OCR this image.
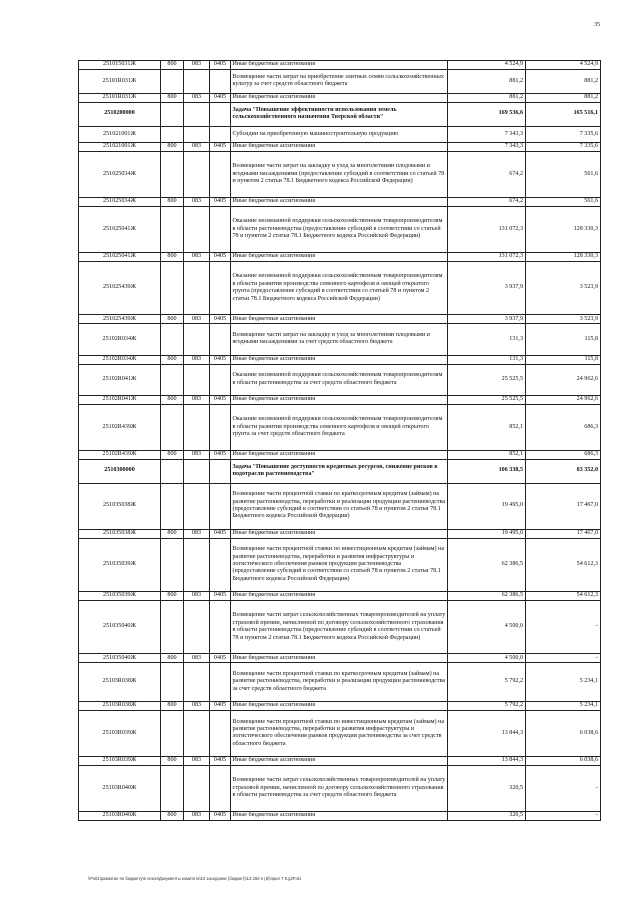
35
251015031Ж	800	083	0405	Иные бюджетные ассигнования	4 524,9	4 524,9
25101R031Ж				Возмещение части затрат на приобретение элитных семян сельскохозяйственных культур за счет средств областного бюджета	881,2	881,2
25101R031Ж	800	083	0405	Иные бюджетные ассигнования	881,2	881,2
2510200000				Задача "Повышение эффективности использования земель сельскохозяйственного назначения Тверской области"	169 536,6	165 516,1
251021001Ж				Субсидии на приобретенную машиностроительную продукцию	7 343,3	7 335,6
251021001Ж	800	083	0405	Иные бюджетные ассигнования	7 343,3	7 335,6
251025034Ж				Возмещение части затрат на закладку и уход за многолетними плодовыми и ягодными насаждениями (предоставление субсидий в соответствии со статьей 78 и пунктом 2 статьи 78.1 Бюджетного кодекса Российской Федерации)	674,2	561,6
251025034Ж	800	083	0405	Иные бюджетные ассигнования	674,2	561,6
251025041Ж				Оказание несвязанной поддержки сельскохозяйственным товаропроизводителям в области растениеводства (предоставление субсидий в соответствии со статьей 78 и пунктом 2 статьи 78.1 Бюджетного кодекса Российской Федерации)	131 072,3	128 330,3
251025041Ж	800	083	0405	Иные бюджетные ассигнования	131 072,3	128 330,3
251025439Ж				Оказание несвязанной поддержки сельскохозяйственным товаропроизводителям в области развития производства семенного картофеля и овощей открытого грунта (предоставление субсидий в соответствии со статьей 78 и пунктом 2 статьи 78.1 Бюджетного кодекса Российской Федерации)	3 937,9	3 523,9
251025439Ж	800	083	0405	Иные бюджетные ассигнования	3 937,9	3 523,9
25102R034Ж				Возмещение части затрат на закладку и уход за многолетними плодовыми и ягодными насаждениями за счет средств областного бюджета	131,3	115,8
25102R034Ж	800	083	0405	Иные бюджетные ассигнования	131,3	115,8
25102R041Ж				Оказание несвязанной поддержки сельскохозяйственным товаропроизводителям в области растениеводства за счет средств областного бюджета	25 525,5	24 962,6
25102R041Ж	800	083	0405	Иные бюджетные ассигнования	25 525,5	24 962,6
25102R439Ж				Оказание несвязанной поддержки сельскохозяйственным товаропроизводителям в области развития производства семенного картофеля и овощей открытого грунта за счет средств областного бюджета	852,1	686,3
25102R439Ж	800	083	0405	Иные бюджетные ассигнования	852,1	686,3
2510300000				Задача "Повышение доступности кредитных ресурсов, снижение рисков в подотрасли растениеводства"	106 338,5	83 352,0
251035038Ж				Возмещение части процентной ставки по краткосрочным кредитам (займам) на развитие растениеводства, переработки и реализации продукции растениеводства (предоставление субсидий в соответствии со статьей 78 и пунктом 2 статьи 78.1 Бюджетного кодекса Российской Федерации)	19 495,0	17 467,0
251035038Ж	800	083	0405	Иные бюджетные ассигнования	19 495,0	17 467,0
251035039Ж				Возмещение части процентной ставки по инвестиционным кредитам (займам) на развитие растениеводства, переработки и развития инфраструктуры и логистического обеспечения рынков продукции растениеводства (предоставление субсидий в соответствии со статьей 78 и пунктом 2 статьи 78.1 Бюджетного кодекса Российской Федерации)	62 386,5	54 612,3
251035039Ж	800	083	0405	Иные бюджетные ассигнования	62 386,5	54 612,3
251035040Ж				Возмещение части затрат сельскохозяйственных товаропроизводителей на уплату страховой премии, начисленной по договору сельскохозяйственного страхования в области растениеводства (предоставление субсидий в соответствии со статьей 78 и пунктом 2 статьи 78.1 Бюджетного кодекса Российской Федерации)	4 500,0	-
251035040Ж	800	083	0405	Иные бюджетные ассигнования	4 500,0	-
25103R038Ж				Возмещение части процентной ставки по краткосрочным кредитам (займам) на развитие растениеводства, переработки и реализации продукции растениеводства за счет средств областного бюджета	5 792,2	5 234,1
25103R038Ж	800	083	0405	Иные бюджетные ассигнования	5 792,2	5 234,1
25103R039Ж				Возмещение части процентной ставки по инвестиционным кредитам (займам) на развитие растениеводства, переработки и развития инфраструктуры и логистического обеспечения рынков продукции растениеводства за счет средств областного бюджета	13 844,3	6 038,6
25103R039Ж	800	083	0405	Иные бюджетные ассигнования	13 844,3	6 038,6
25103R040Ж				Возмещение части затрат сельскохозяйственных товаропроизводителей на уплату страховой премии, начисленной по договору сельскохозяйственного страхования в области растениеводства за счет средств областного бюджета	320,5	-
25103R040Ж	800	083	0405	Иные бюджетные ассигнования	320,5	-
\\Fs01\развитие по бюджету\5 сезон\Документы комитета\13 заседание (бюджет)\13 282-п (6)\прил 7 8.g2P.xls
